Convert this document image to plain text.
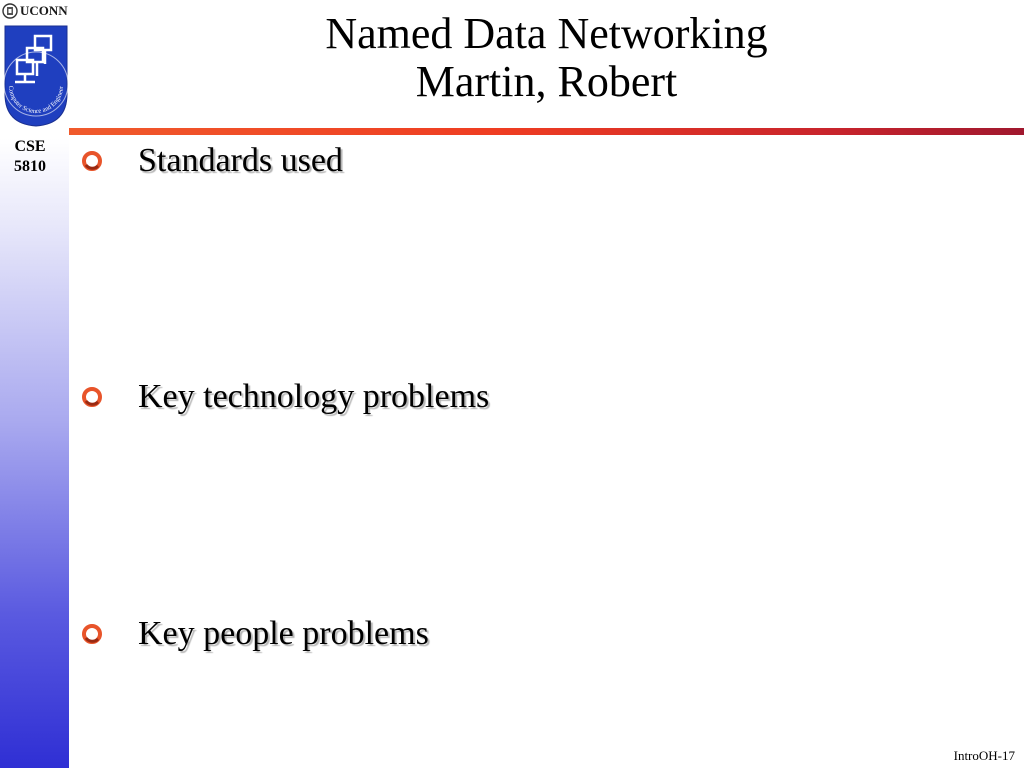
UCONN
Computer Science and Engineer
CSE
5810
Named Data Networking
Martin, Robert
Standards used
Key technology problems
Key people problems
IntroOH-17
